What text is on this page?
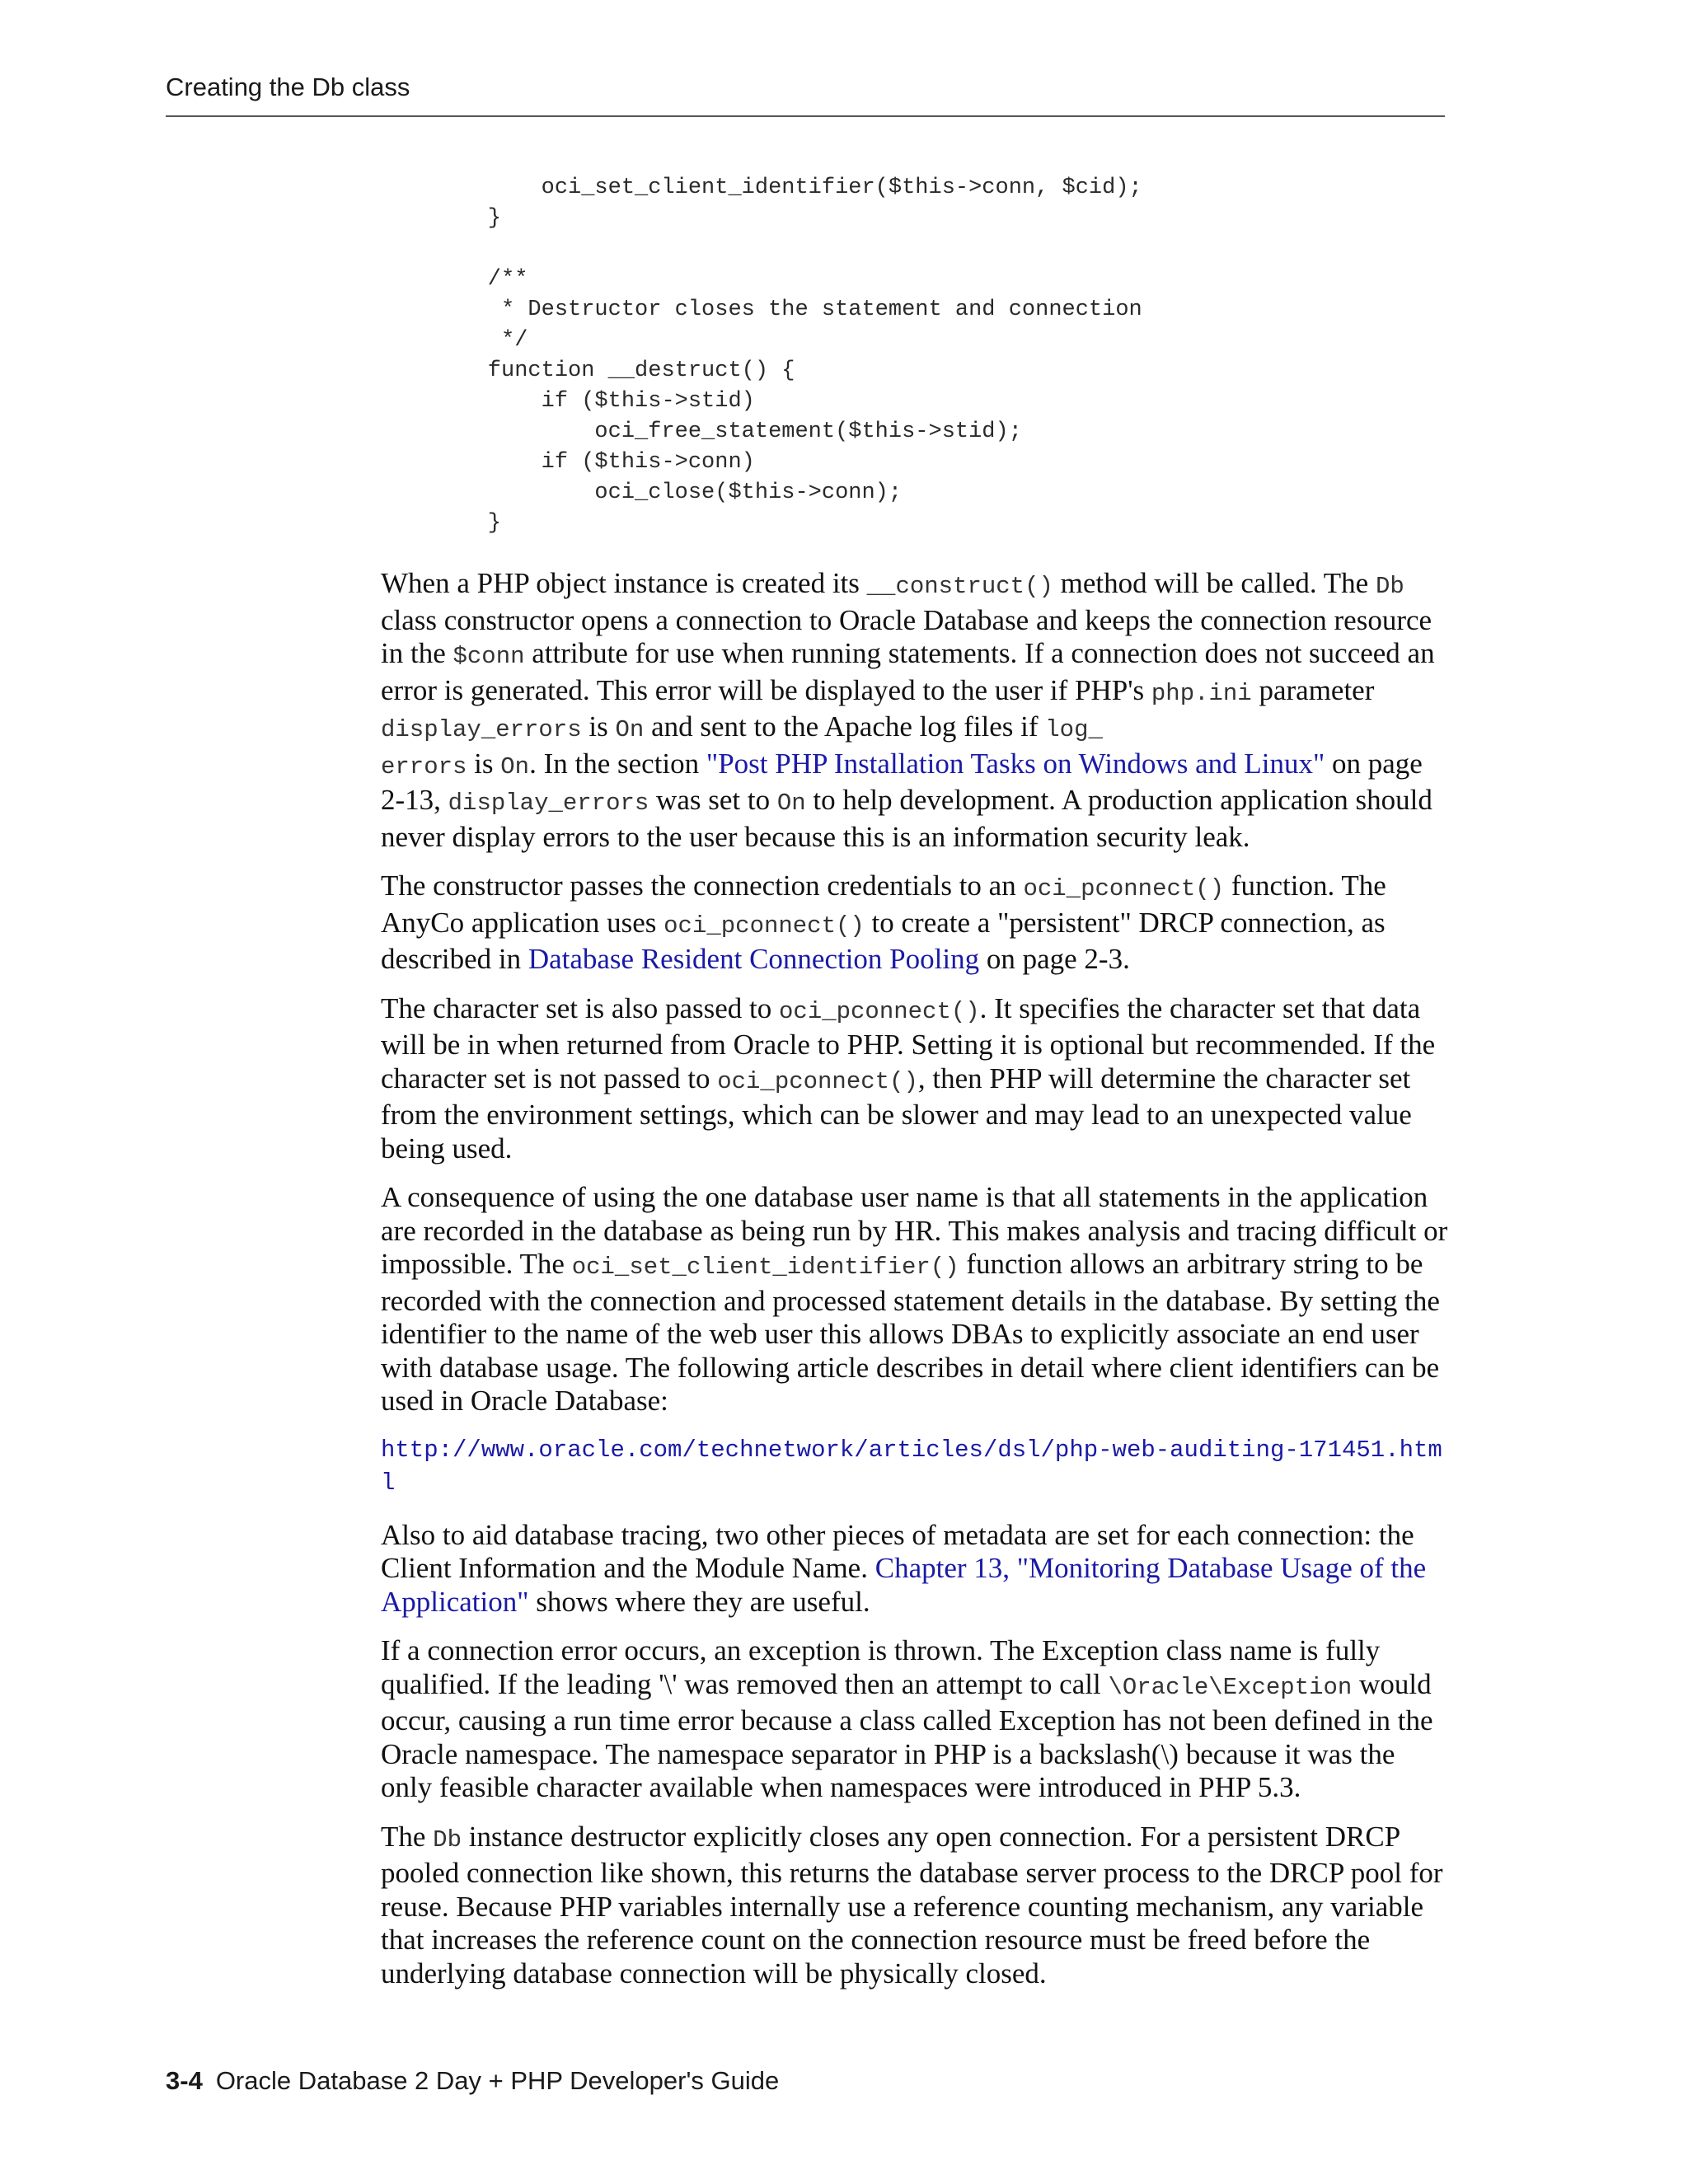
Creating the Db class
oci_set_client_identifier($this->conn, $cid);
}
/**
* Destructor closes the statement and connection
*/
function __destruct() {
if ($this->stid)
oci_free_statement($this->stid);
if ($this->conn)
oci_close($this->conn);
}

When a PHP object instance is created its __construct() method will be called. The Db class constructor opens a connection to Oracle Database and keeps the connection resource in the $conn attribute for use when running statements. If a connection does not succeed an error is generated. This error will be displayed to the user if PHP's php.ini parameter display_errors is On and sent to the Apache log files if log_
errors is On. In the section "Post PHP Installation Tasks on Windows and Linux" on page 2-13, display_errors was set to On to help development. A production application should never display errors to the user because this is an information security leak.

The constructor passes the connection credentials to an oci_pconnect() function. The AnyCo application uses oci_pconnect() to create a "persistent" DRCP connection, as described in Database Resident Connection Pooling on page 2-3.

The character set is also passed to oci_pconnect(). It specifies the character set that data will be in when returned from Oracle to PHP. Setting it is optional but recommended. If the character set is not passed to oci_pconnect(), then PHP will determine the character set from the environment settings, which can be slower and may lead to an unexpected value being used.

A consequence of using the one database user name is that all statements in the application are recorded in the database as being run by HR. This makes analysis and tracing difficult or impossible. The oci_set_client_identifier() function allows an arbitrary string to be recorded with the connection and processed statement details in the database. By setting the identifier to the name of the web user this allows DBAs to explicitly associate an end user with database usage. The following article describes in detail where client identifiers can be used in Oracle Database:

http://www.oracle.com/technetwork/articles/dsl/php-web-auditing-171451.htm
l

Also to aid database tracing, two other pieces of metadata are set for each connection: the Client Information and the Module Name. Chapter 13, "Monitoring Database Usage of the Application" shows where they are useful.

If a connection error occurs, an exception is thrown. The Exception class name is fully qualified. If the leading '\' was removed then an attempt to call \Oracle\Exception would occur, causing a run time error because a class called Exception has not been defined in the Oracle namespace. The namespace separator in PHP is a backslash(\) because it was the only feasible character available when namespaces were introduced in PHP 5.3.

The Db instance destructor explicitly closes any open connection. For a persistent DRCP pooled connection like shown, this returns the database server process to the DRCP pool for reuse. Because PHP variables internally use a reference counting mechanism, any variable that increases the reference count on the connection resource must be freed before the underlying database connection will be physically closed.

3-4 Oracle Database 2 Day + PHP Developer's Guide
